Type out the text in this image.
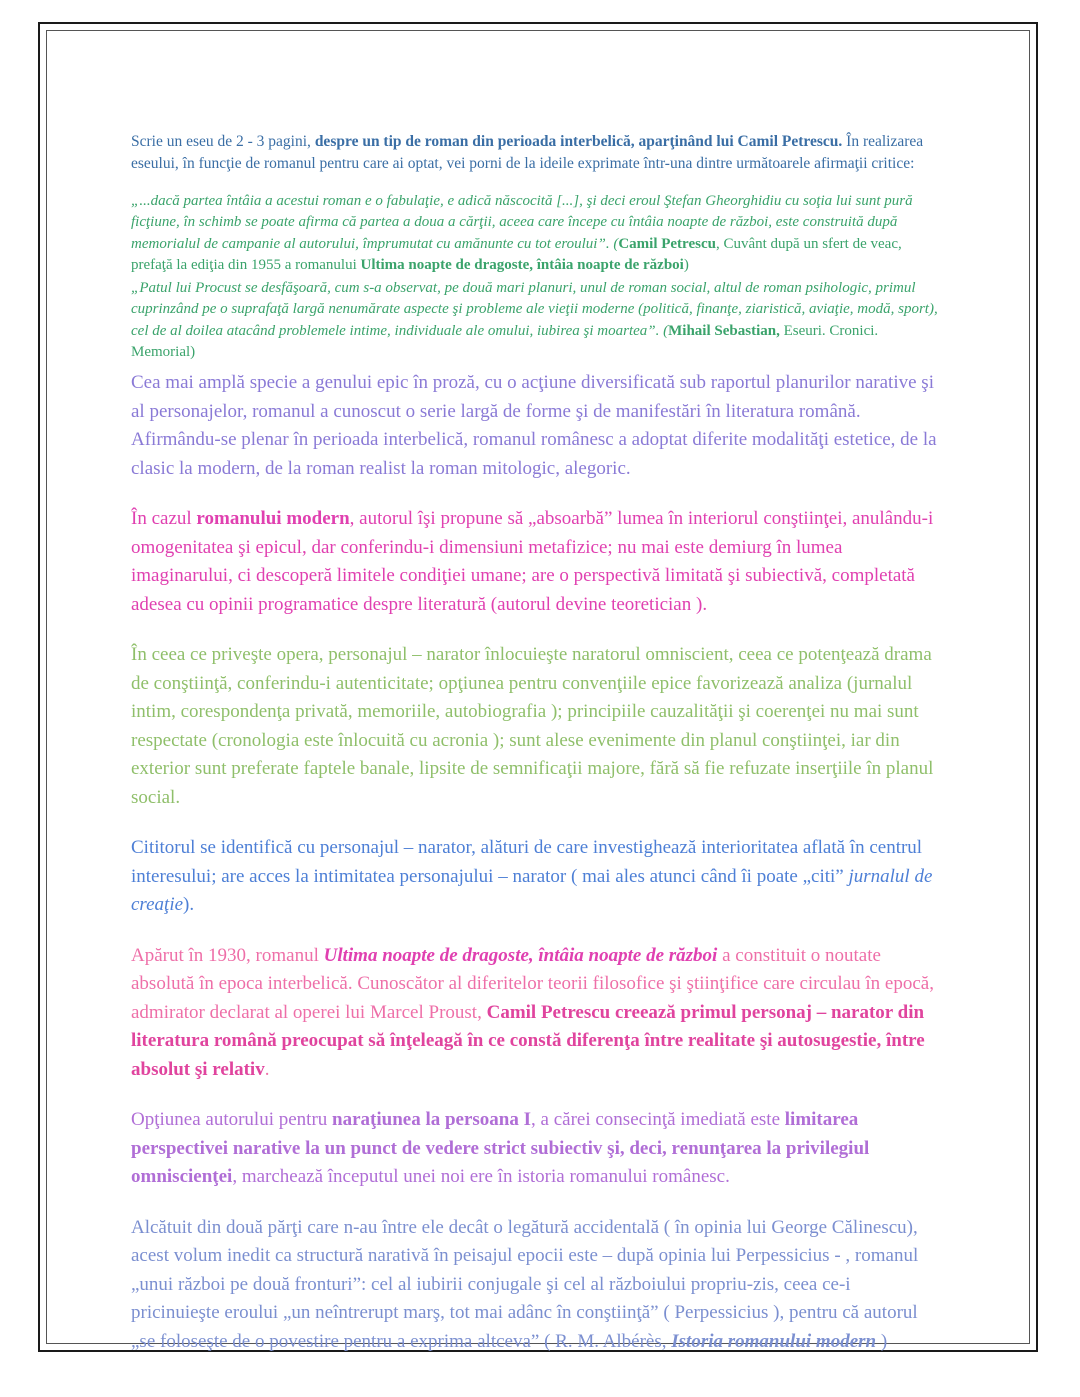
Scrie un eseu de 2 - 3 pagini, despre un tip de roman din perioada interbelică, aparţinând lui Camil Petrescu. În realizarea eseului, în funcţie de romanul pentru care ai optat, vei porni de la ideile exprimate într-una dintre următoarele afirmaţii critice:
„...dacă partea întâia a acestui roman e o fabulaţie, e adică născocită [...], şi deci eroul Ştefan Gheorghidiu cu soţia lui sunt pură ficţiune, în schimb se poate afirma că partea a doua a cărţii, aceea care începe cu întâia noapte de război, este construită după memorialul de campanie al autorului, împrumutat cu amănunte cu tot eroului”. (Camil Petrescu, Cuvânt după un sfert de veac, prefaţă la ediţia din 1955 a romanului Ultima noapte de dragoste, întâia noapte de război)
„Patul lui Procust se desfăşoară, cum s-a observat, pe două mari planuri, unul de roman social, altul de roman psihologic, primul cuprinzând pe o suprafaţă largă nenumărate aspecte şi probleme ale vieţii moderne (politică, finanţe, ziaristică, aviaţie, modă, sport), cel de al doilea atacând problemele intime, individuale ale omului, iubirea şi moartea”. (Mihail Sebastian, Eseuri. Cronici. Memorial)

Cea mai amplă specie a genului epic în proză, cu o acţiune diversificată sub raportul planurilor narative şi al personajelor, romanul a cunoscut o serie largă de forme şi de manifestări în literatura română. Afirmându-se plenar în perioada interbelică, romanul românesc a adoptat diferite modalităţi estetice, de la clasic la modern, de la roman realist la roman mitologic, alegoric.

În cazul romanului modern, autorul îşi propune să „absoarbă” lumea în interiorul conştiinţei, anulându-i omogenitatea şi epicul, dar conferindu-i dimensiuni metafizice; nu mai este demiurg în lumea imaginarului, ci descoperă limitele condiţiei umane; are o perspectivă limitată şi subiectivă, completată adesea cu opinii programatice despre literatură (autorul devine teoretician ).

În ceea ce priveşte opera, personajul – narator înlocuieşte naratorul omniscient, ceea ce potenţează drama de conştiinţă, conferindu-i autenticitate; opţiunea pentru convenţiile epice favorizează analiza (jurnalul intim, corespondenţa privată, memoriile, autobiografia ); principiile cauzalităţii şi coerenţei nu mai sunt respectate (cronologia este înlocuită cu acronia ); sunt alese evenimente din planul conştiinţei, iar din exterior sunt preferate faptele banale, lipsite de semnificaţii majore, fără să fie refuzate inserţiile în planul social.

Cititorul se identifică cu personajul – narator, alături de care investighează interioritatea aflată în centrul interesului; are acces la intimitatea personajului – narator ( mai ales atunci când îi poate „citi” jurnalul de creaţie).

Apărut în 1930, romanul Ultima noapte de dragoste, întâia noapte de război a constituit o noutate absolută în epoca interbelică. Cunoscător al diferitelor teorii filosofice şi ştiinţifice care circulau în epocă, admirator declarat al operei lui Marcel Proust, Camil Petrescu creează primul personaj – narator din literatura română preocupat să înţeleagă în ce constă diferenţa între realitate şi autosugestie, între absolut şi relativ.

Opţiunea autorului pentru naraţiunea la persoana I, a cărei consecinţă imediată este limitarea perspectivei narative la un punct de vedere strict subiectiv şi, deci, renunţarea la privilegiul omniscienţei, marchează începutul unei noi ere în istoria romanului românesc.

Alcătuit din două părţi care n-au între ele decât o legătură accidentală ( în opinia lui George Călinescu), acest volum inedit ca structură narativă în peisajul epocii este – după opinia lui Perpessicius - , romanul „unui război pe două fronturi”: cel al iubirii conjugale şi cel al războiului propriu-zis, ceea ce-i pricinuieşte eroului „un neîntrerupt marş, tot mai adânc în conştiinţă” ( Perpessicius ), pentru că autorul „se foloseşte de o povestire pentru a exprima altceva” ( R. M. Albérès, Istoria romanului modern )
